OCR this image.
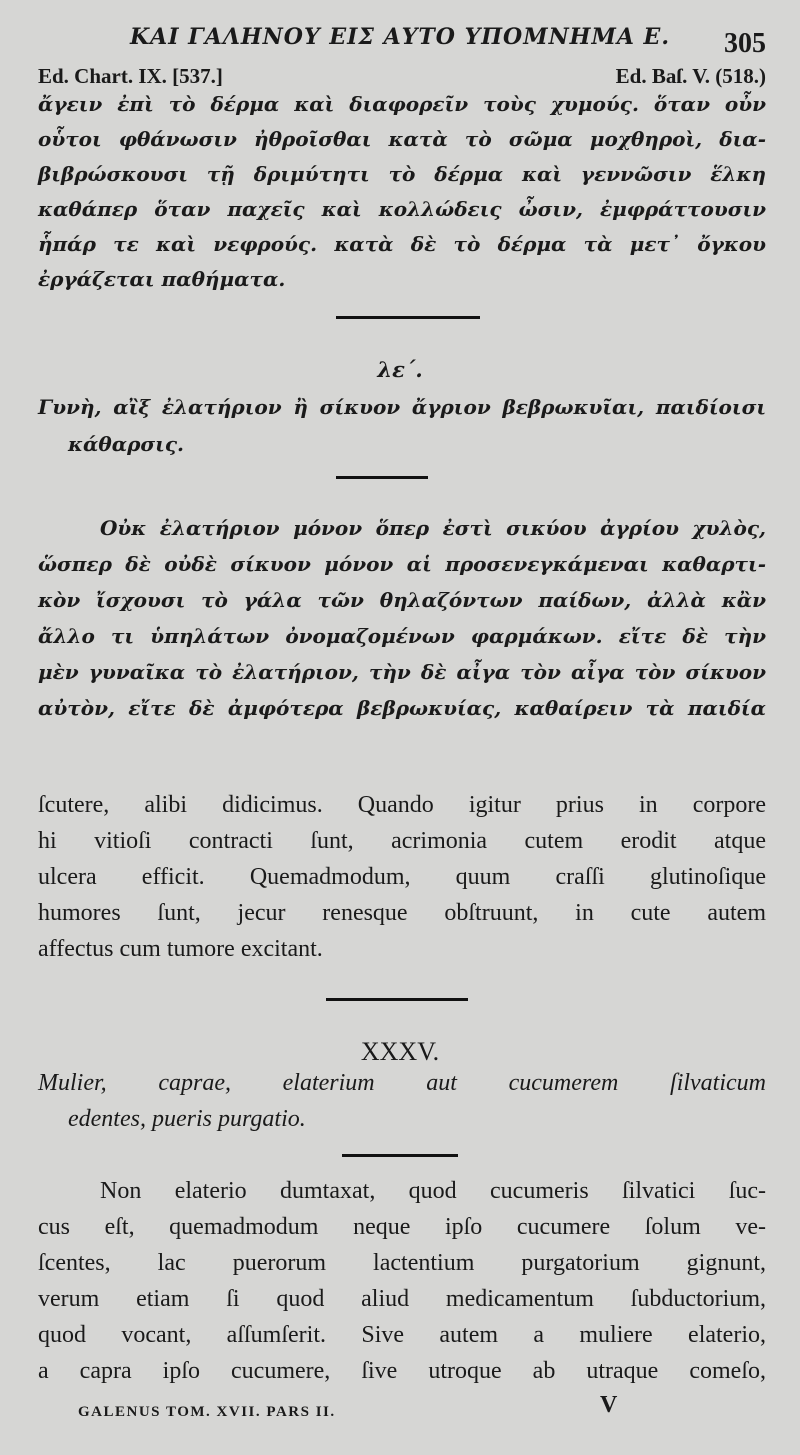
ΚΑΙ ΓΑΛΗΝΟΥ ΕΙΣ ΑΥΤΟ ΥΠΟΜΝΗΜΑ Ε.	305
Ed. Chart. IX. [537.]	Ed. Baſ. V. (518.)
ἄγειν ἐπὶ τὸ δέρμα καὶ διαφορεῖν τοὺς χυμούς. ὅταν οὖν
οὗτοι φθάνωσιν ἠθροῖσθαι κατὰ τὸ σῶμα μοχθηροὶ, δια-
βιβρώσκουσι τῇ δριμύτητι τὸ δέρμα καὶ γεννῶσιν ἕλκη
καθάπερ ὅταν παχεῖς καὶ κολλώδεις ὦσιν, ἐμφράττουσιν
ἧπάρ τε καὶ νεφρούς. κατὰ δὲ τὸ δέρμα τὰ μετ᾽ ὄγκου
ἐργάζεται παθήματα.
λε΄.
Γυνὴ, αἲξ ἐλατήριον ἢ σίκυον ἄγριον βεβρωκυῖαι, παιδίοισι
κάθαρσις.
Οὐκ ἐλατήριον μόνον ὅπερ ἐστὶ σικύου ἀγρίου χυλὸς,
ὥσπερ δὲ οὐδὲ σίκυον μόνον αἱ προσενεγκάμεναι καθαρτι-
κὸν ἴσχουσι τὸ γάλα τῶν θηλαζόντων παίδων, ἀλλὰ κἂν
ἄλλο τι ὑπηλάτων ὀνομαζομένων φαρμάκων. εἴτε δὲ τὴν
μὲν γυναῖκα τὸ ἐλατήριον, τὴν δὲ αἶγα τὸν αἶγα τὸν σίκυον
αὐτὸν, εἴτε δὲ ἀμφότερα βεβρωκυίας, καθαίρειν τὰ παιδία
ſcutere, alibi didicimus. Quando igitur prius in corpore
hi vitioſi contracti ſunt, acrimonia cutem erodit atque
ulcera efficit. Quemadmodum, quum craſſi glutinoſique
humores ſunt, jecur renesque obſtruunt, in cute autem
affectus cum tumore excitant.
XXXV.
Mulier, caprae, elaterium aut cucumerem ſilvaticum
edentes, pueris purgatio.
Non elaterio dumtaxat, quod cucumeris ſilvatici ſuc-
cus eſt, quemadmodum neque ipſo cucumere ſolum ve-
ſcentes, lac puerorum lactentium purgatorium gignunt,
verum etiam ſi quod aliud medicamentum ſubductorium,
quod vocant, aſſumſerit. Sive autem a muliere elaterio,
a capra ipſo cucumere, ſive utroque ab utraque comeſo,
GALENUS TOM. XVII. PARS II.	V
